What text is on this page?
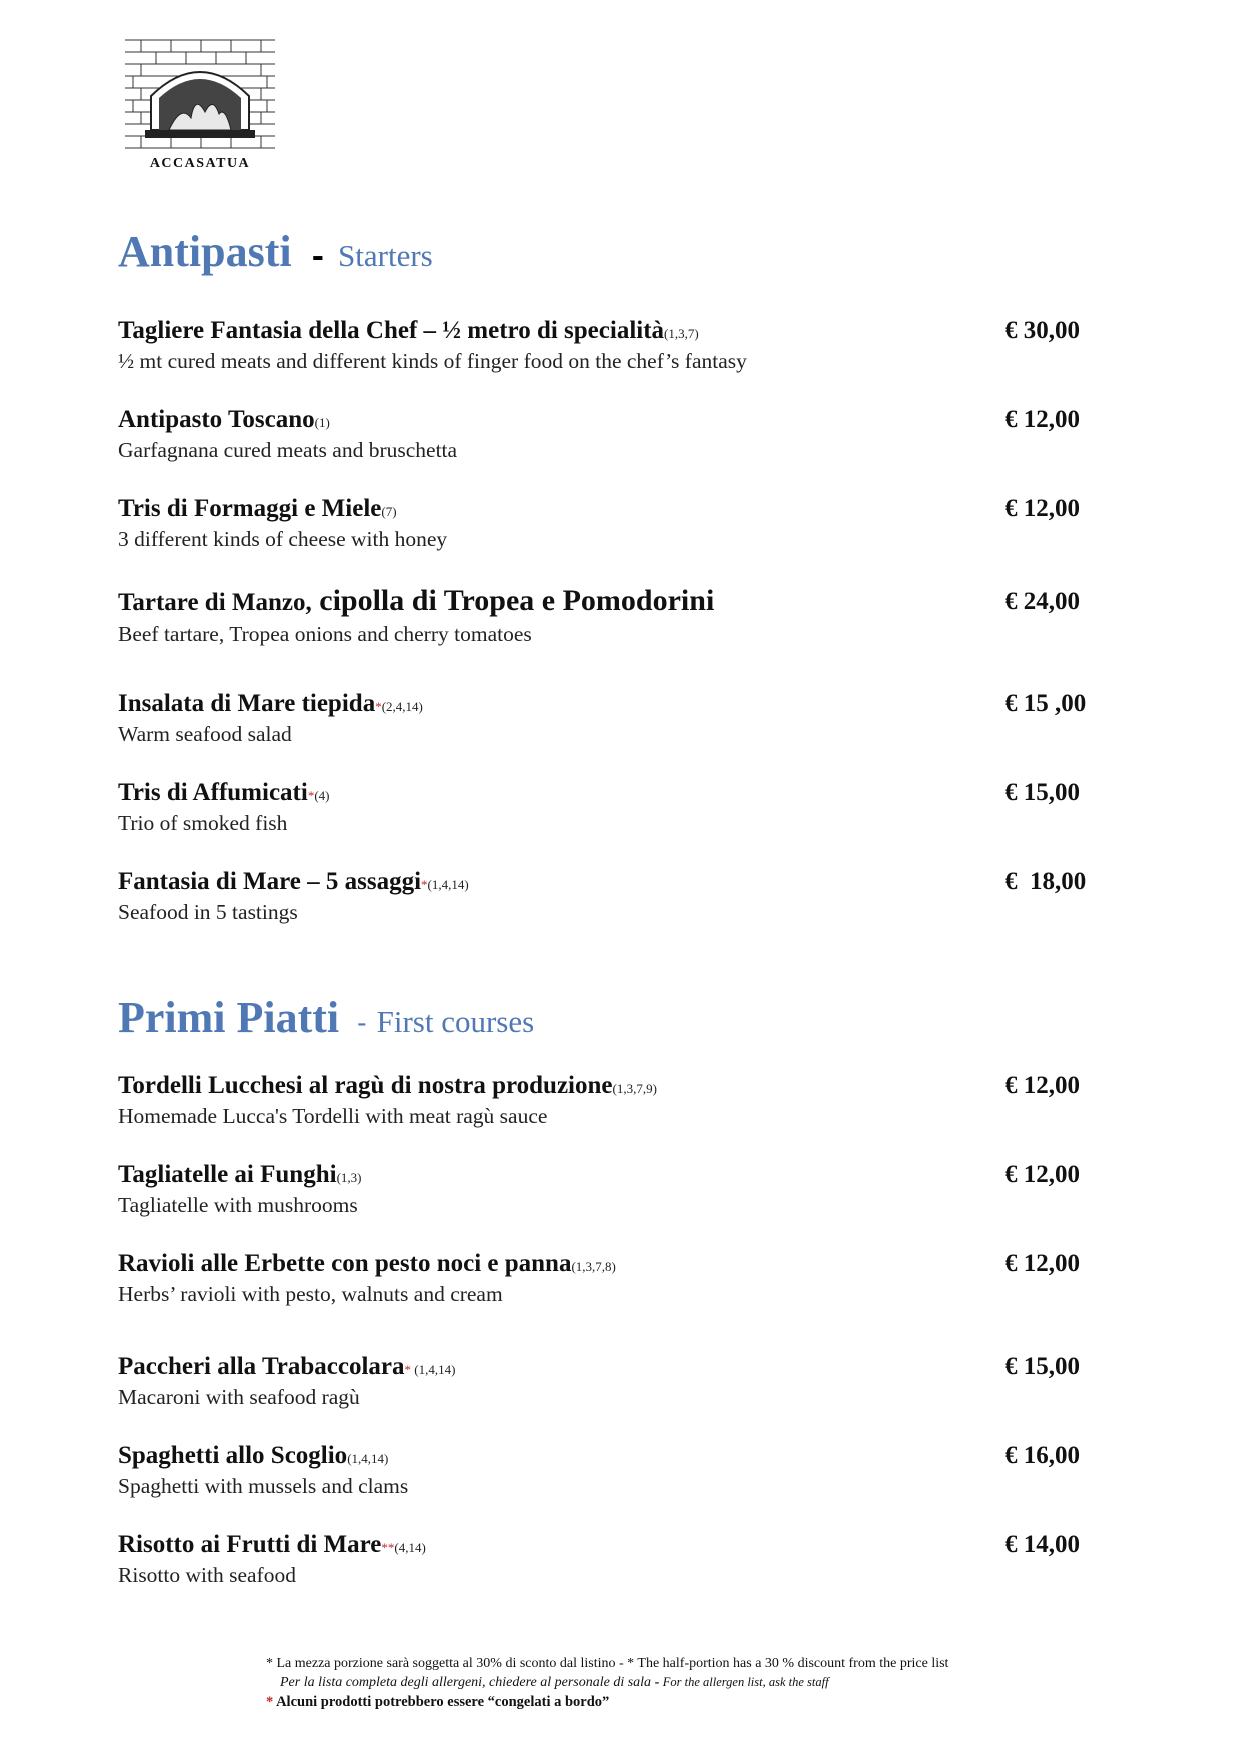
ACCASATUA
Antipasti - Starters
Tagliere Fantasia della Chef – ½ metro di specialità(1,3,7)
½ mt cured meats and different kinds of finger food on the chef’s fantasy
€ 30,00
Antipasto Toscano(1)
Garfagnana cured meats and bruschetta
€ 12,00
Tris di Formaggi e Miele(7)
3 different kinds of cheese with honey
€ 12,00
Tartare di Manzo, cipolla di Tropea e Pomodorini
Beef tartare, Tropea onions and cherry tomatoes
€ 24,00
Insalata di Mare tiepida*(2,4,14)
Warm seafood salad
€ 15 ,00
Tris di Affumicati*(4)
Trio of smoked fish
€ 15,00
Fantasia di Mare – 5 assaggi*(1,4,14)
Seafood in 5 tastings
€  18,00
Primi Piatti - First courses
Tordelli Lucchesi al ragù di nostra produzione(1,3,7,9)
Homemade Lucca's Tordelli with meat ragù sauce
€ 12,00
Tagliatelle ai Funghi(1,3)
Tagliatelle with mushrooms
€ 12,00
Ravioli alle Erbette con pesto noci e panna(1,3,7,8)
Herbs’ ravioli with pesto, walnuts and cream
€ 12,00
Paccheri alla Trabaccolara* (1,4,14)
Macaroni with seafood ragù
€ 15,00
Spaghetti allo Scoglio(1,4,14)
Spaghetti with mussels and clams
€ 16,00
Risotto ai Frutti di Mare**(4,14)
Risotto with seafood
€ 14,00
* La mezza porzione sarà soggetta al 30% di sconto dal listino - * The half-portion has a 30 % discount from the price list
Per la lista completa degli allergeni, chiedere al personale di sala - For the allergen list, ask the staff
* Alcuni prodotti potrebbero essere “congelati a bordo”
